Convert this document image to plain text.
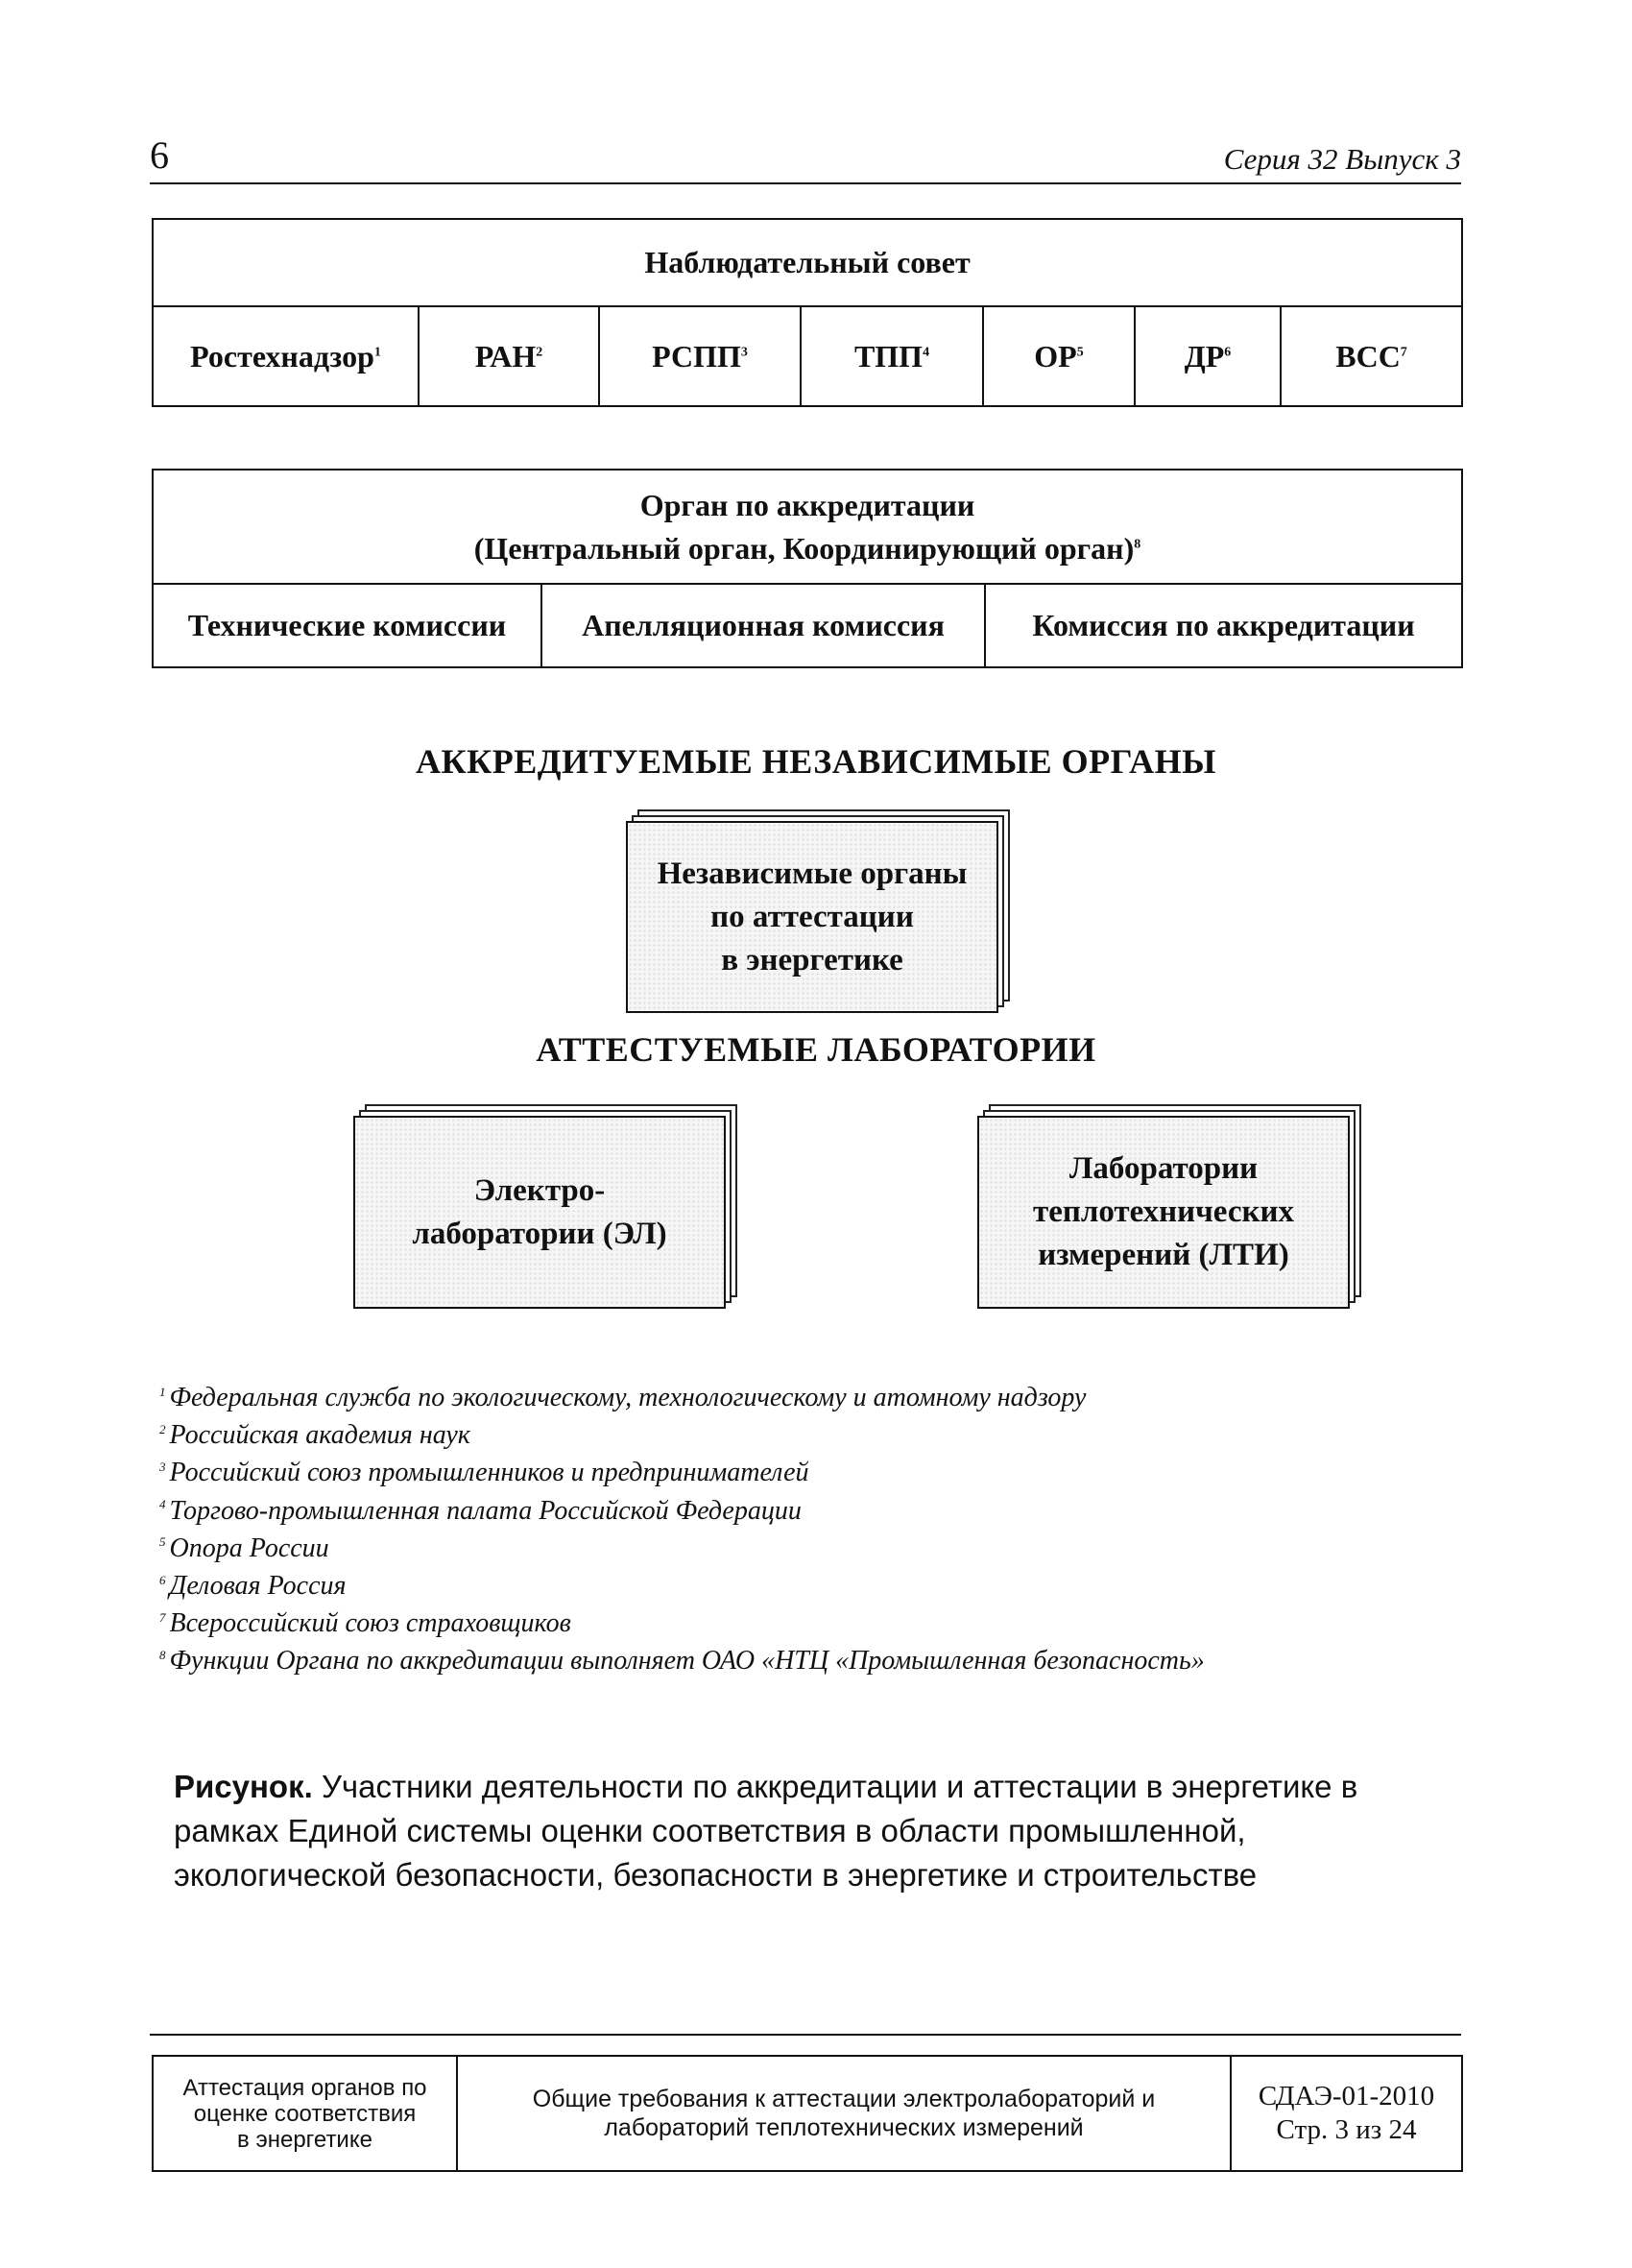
6	Серия 32 Выпуск 3
Наблюдательный совет
Ростехнадзор$^1$	РАН$^2$	РСПП$^3$	ТПП$^4$	$ОР^5$	$ДР^6$	ВСС$^7$
Орган по аккредитации
(Центральный орган, Координирующий орган)$^8$

Технические комиссии	Апелляционная комиссия	Комиссия по аккредитации
АККРЕДИТУЕМЫЕ НЕЗАВИСИМЫЕ ОРГАНЫ
Независимые органы
по аттестации
в энергетике
АТТЕСТУЕМЫЕ ЛАБОРАТОРИИ
Электро-
лаборатории (ЭЛ)
Лаборатории
теплотехнических
измерений (ЛТИ)
$^1$ Федеральная служба по экологическому, технологическому и атомному надзору
$^2$ Российская академия наук
$^3$ Российский союз промышленников и предпринимателей
$^4$ Торгово-промышленная палата Российской Федерации
$^5$ Опора России
$^6$ Деловая Россия
$^7$ Всероссийский союз страховщиков
$^8$ Функции Органа по аккредитации выполняет ОАО «НТЦ «Промышленная безопасность»
Рисунок. Участники деятельности по аккредитации и аттестации в энергетике в рамках Единой системы оценки соответствия в области промышленной, экологической безопасности, безопасности в энергетике и строительстве
Аттестация органов по
оценке соответствия
в энергетике

Общие требования к аттестации электролабораторий и
лабораторий теплотехнических измерений

СДАЭ-01-2010
Стр. 3 из 24
